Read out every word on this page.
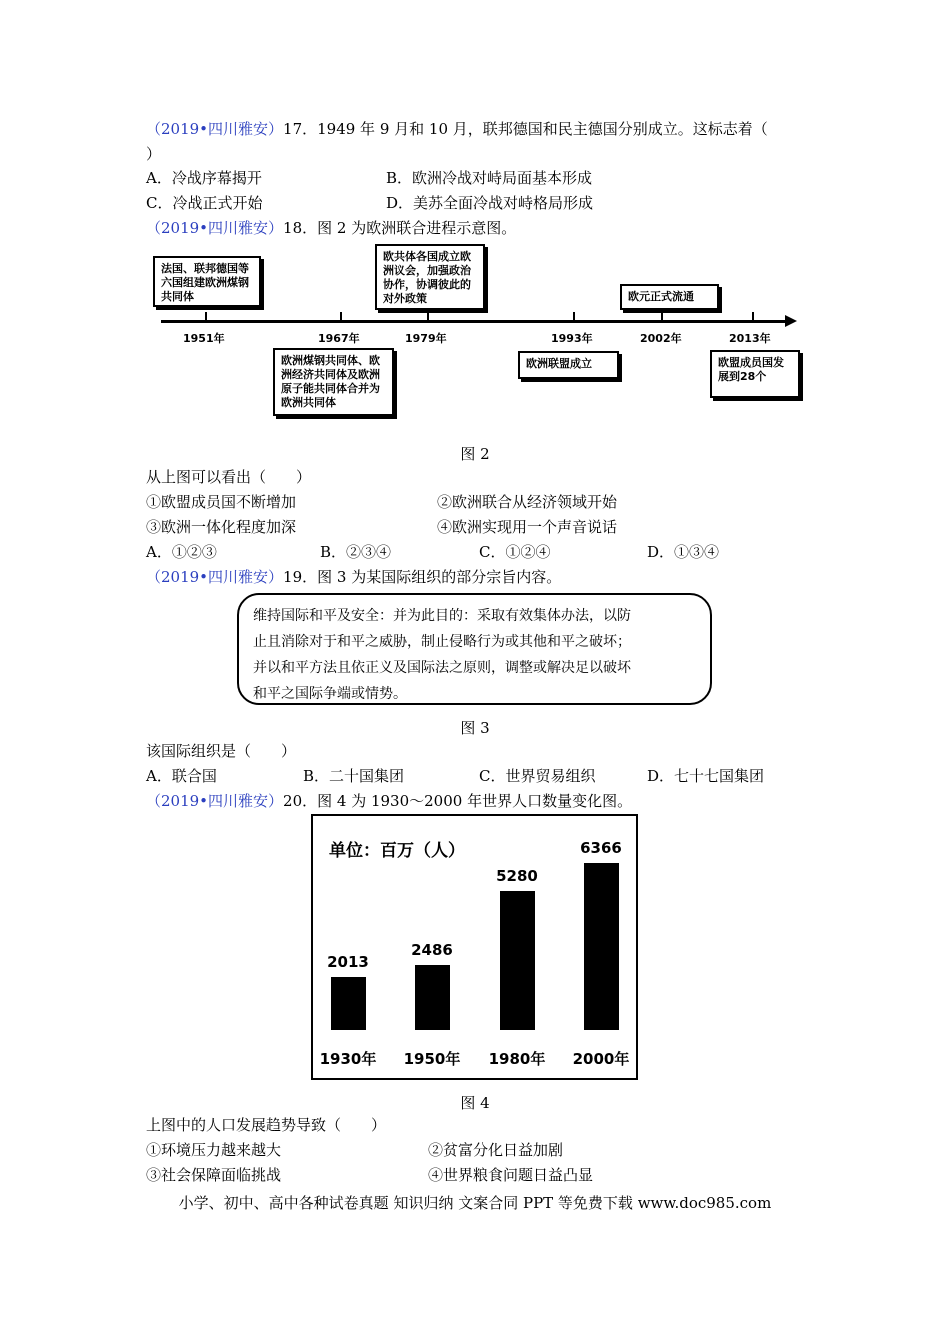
（2019•四川雅安）17．1949 年 9 月和 10 月，联邦德国和民主德国分别成立。这标志着（
）
A．冷战序幕揭开	B．欧洲冷战对峙局面基本形成
C．冷战正式开始	D．美苏全面冷战对峙格局形成
（2019•四川雅安）18．图 2 为欧洲联合进程示意图。
1951年	1967年	1979年	1993年	2002年	2013年
法国、联邦德国等六国组建欧洲煤钢共同体
欧共体各国成立欧洲议会，加强政治协作，协调彼此的对外政策	欧元正式流通
欧洲煤钢共同体、欧洲经济共同体及欧洲原子能共同体合并为欧洲共同体
欧洲联盟成立	欧盟成员国发展到28个
图 2
从上图可以看出（　　）
①欧盟成员国不断增加	②欧洲联合从经济领域开始
③欧洲一体化程度加深	④欧洲实现用一个声音说话
A．①②③	B．②③④	C．①②④	D．①③④
（2019•四川雅安）19．图 3 为某国际组织的部分宗旨内容。
维持国际和平及安全：并为此目的：采取有效集体办法，以防
止且消除对于和平之威胁，制止侵略行为或其他和平之破坏；
并以和平方法且依正义及国际法之原则，调整或解决足以破坏
和平之国际争端或情势。
图 3
该国际组织是（　　）
A．联合国	B．二十国集团	C．世界贸易组织	D．七十七国集团
（2019•四川雅安）20．图 4 为 1930～2000 年世界人口数量变化图。
单位：百万（人）
2013
1930年
2486
1950年
5280
1980年
6366
2000年
图 4
上图中的人口发展趋势导致（　　）
①环境压力越来越大	②贫富分化日益加剧
③社会保障面临挑战	④世界粮食问题日益凸显
小学、初中、高中各种试卷真题 知识归纳 文案合同 PPT 等免费下载 www.doc985.com
